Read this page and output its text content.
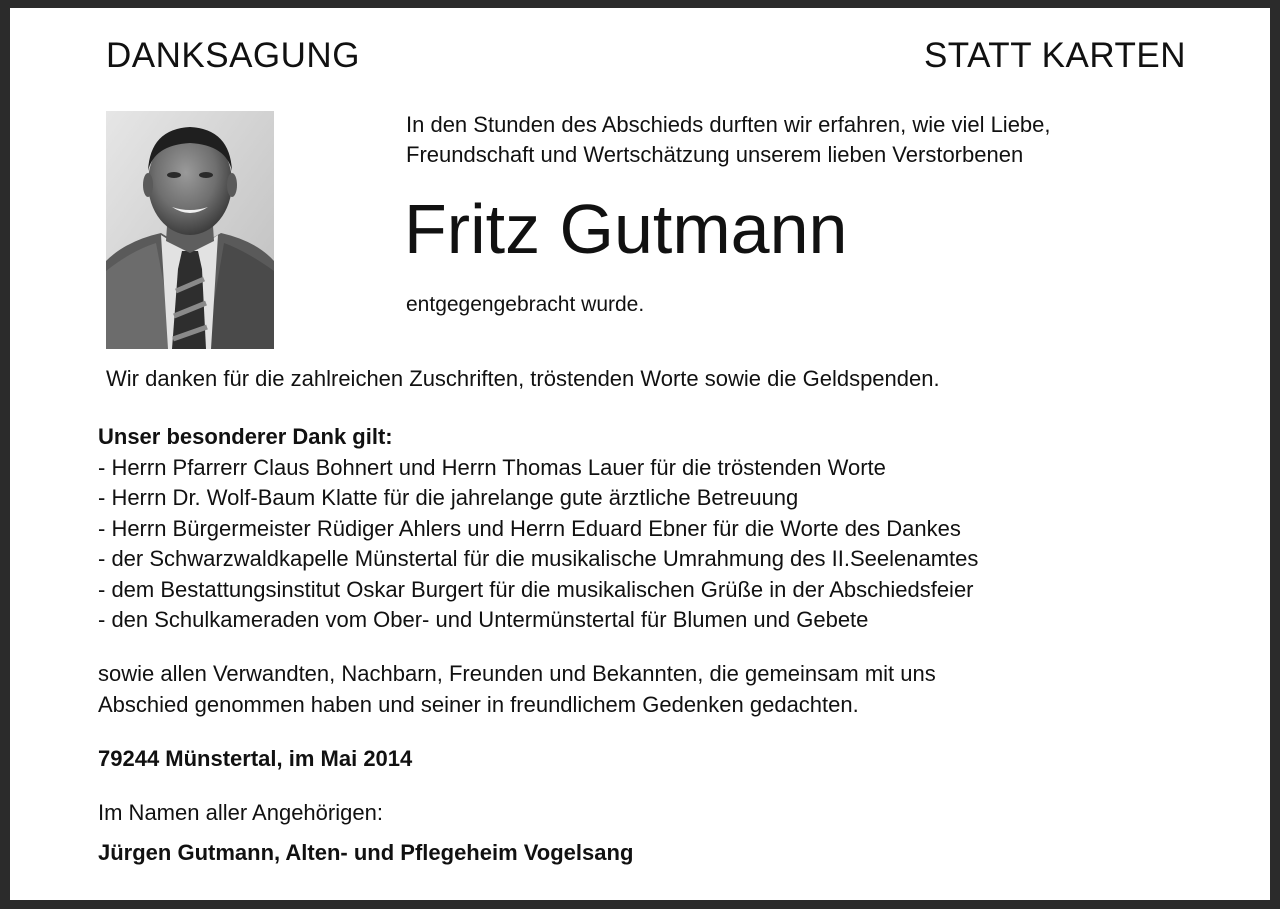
DANKSAGUNG	STATT KARTEN
In den Stunden des Abschieds durften wir erfahren, wie viel Liebe,
Freundschaft und Wertschätzung unserem lieben Verstorbenen
Fritz Gutmann
entgegengebracht wurde.
Wir danken für die zahlreichen Zuschriften, tröstenden Worte sowie die Geldspenden.
Unser besonderer Dank gilt:
- Herrn Pfarrerr Claus Bohnert und Herrn Thomas Lauer für die tröstenden Worte
- Herrn Dr. Wolf-Baum Klatte für die jahrelange gute ärztliche Betreuung
- Herrn Bürgermeister Rüdiger Ahlers und Herrn Eduard Ebner für die Worte des Dankes
- der Schwarzwaldkapelle Münstertal für die musikalische Umrahmung des II.Seelenamtes
- dem Bestattungsinstitut Oskar Burgert für die musikalischen Grüße in der Abschiedsfeier
- den Schulkameraden vom Ober- und Untermünstertal für Blumen und Gebete
sowie allen Verwandten, Nachbarn, Freunden und Bekannten, die gemeinsam mit uns
Abschied genommen haben und seiner in freundlichem Gedenken gedachten.
79244 Münstertal, im Mai 2014
Im Namen aller Angehörigen:
Jürgen Gutmann, Alten- und Pflegeheim Vogelsang
